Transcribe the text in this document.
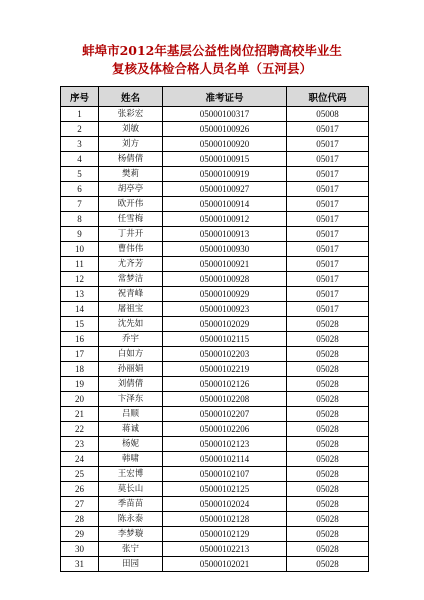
蚌埠市2012年基层公益性岗位招聘高校毕业生
复核及体检合格人员名单（五河县）
序号	姓名	准考证号	职位代码
1	张彩宏	05000100317	05008
2	刘敏	05000100926	05017
3	刘方	05000100920	05017
4	杨倩倩	05000100915	05017
5	樊莉	05000100919	05017
6	胡亭亭	05000100927	05017
7	欧开伟	05000100914	05017
8	任雪梅	05000100912	05017
9	丁井开	05000100913	05017
10	曹伟伟	05000100930	05017
11	尤齐芳	05000100921	05017
12	常梦洁	05000100928	05017
13	祝青峰	05000100929	05017
14	屠祖宝	05000100923	05017
15	沈先如	05000102029	05028
16	乔宇	05000102115	05028
17	白如方	05000102203	05028
18	孙丽娟	05000102219	05028
19	刘倩倩	05000102126	05028
20	卞泽东	05000102208	05028
21	吕顺	05000102207	05028
22	蒋诚	05000102206	05028
23	杨妮	05000102123	05028
24	韩啸	05000102114	05028
25	王宏博	05000102107	05028
26	莫长山	05000102125	05028
27	季苗苗	05000102024	05028
28	陈永泰	05000102128	05028
29	李梦璇	05000102129	05028
30	张宁	05000102213	05028
31	田园	05000102021	05028
